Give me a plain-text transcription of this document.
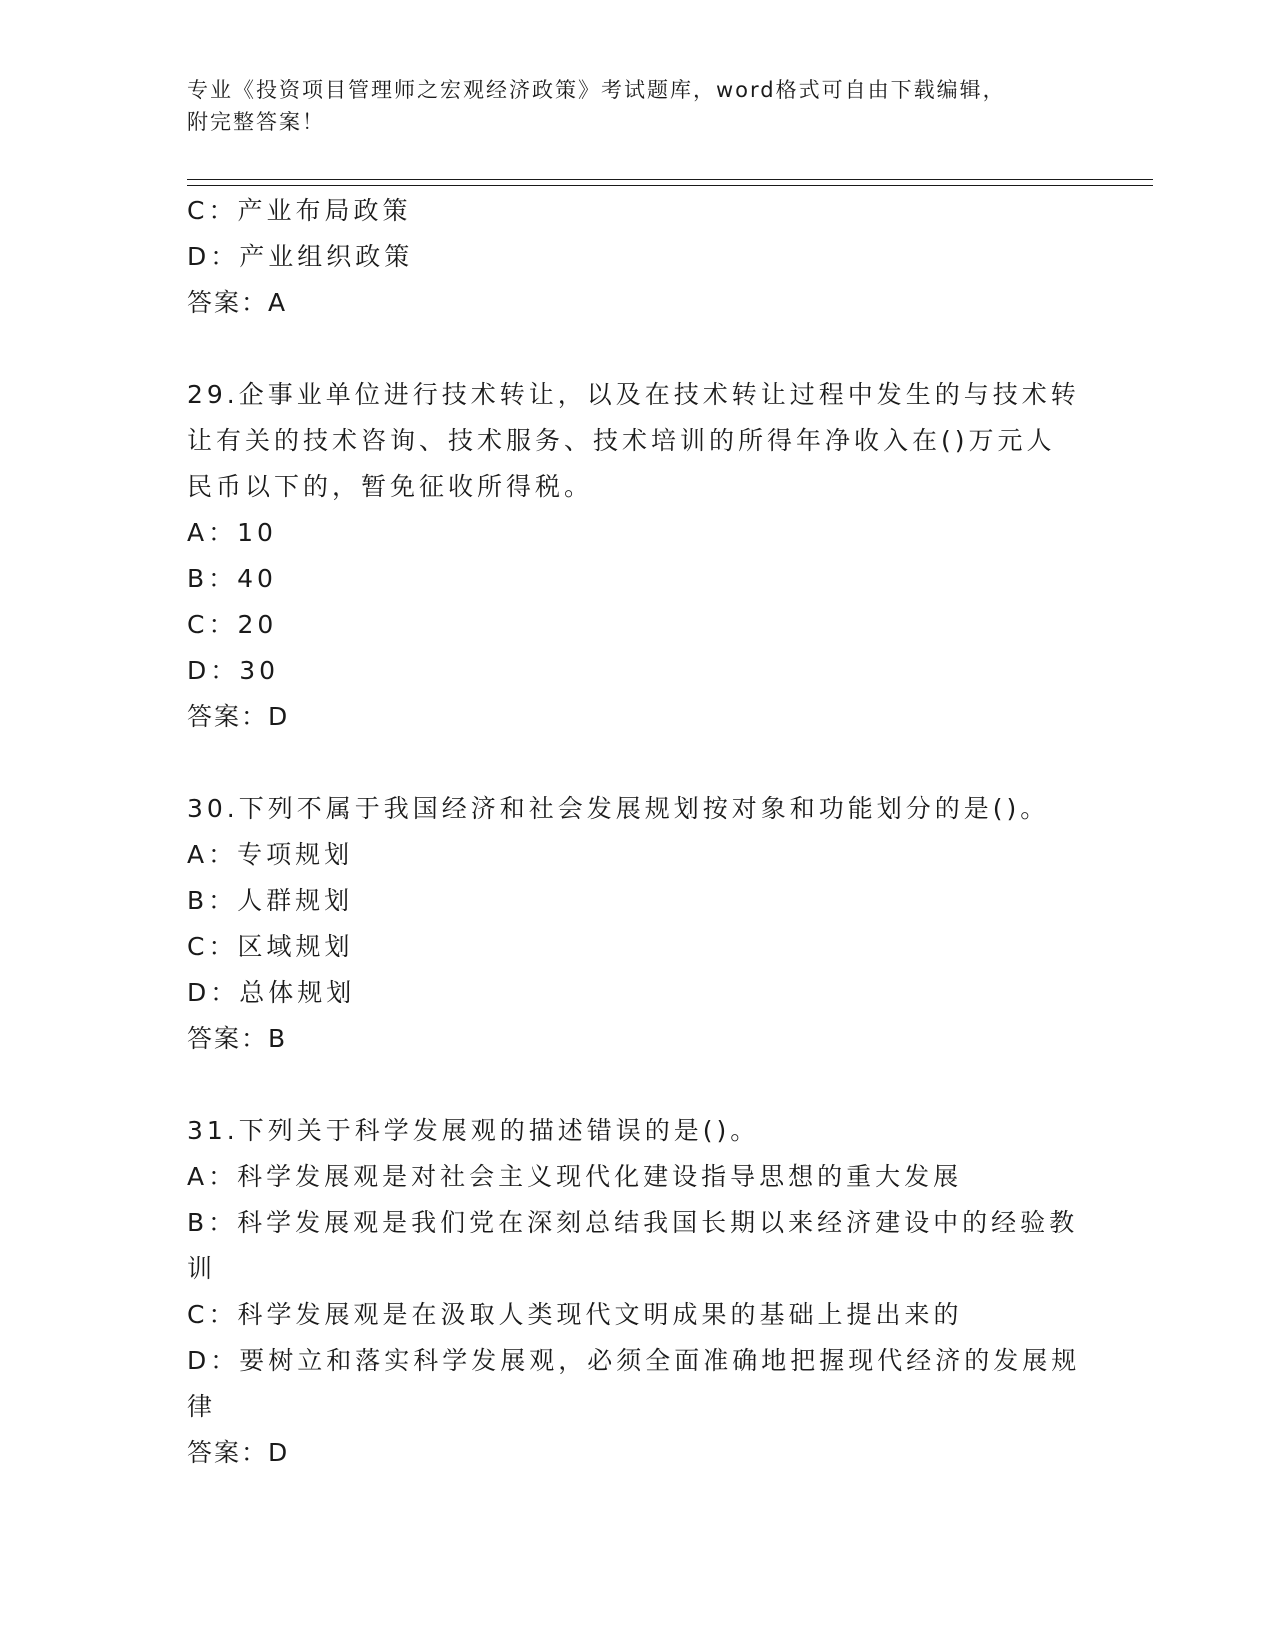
专业《投资项目管理师之宏观经济政策》考试题库，word格式可自由下载编辑，
附完整答案！
C：产业布局政策
D：产业组织政策
答案：A
29.企事业单位进行技术转让，以及在技术转让过程中发生的与技术转
让有关的技术咨询、技术服务、技术培训的所得年净收入在()万元人
民币以下的，暂免征收所得税。
A：10
B：40
C：20
D：30
答案：D
30.下列不属于我国经济和社会发展规划按对象和功能划分的是()。
A：专项规划
B：人群规划
C：区域规划
D：总体规划
答案：B
31.下列关于科学发展观的描述错误的是()。
A：科学发展观是对社会主义现代化建设指导思想的重大发展
B：科学发展观是我们党在深刻总结我国长期以来经济建设中的经验教
训
C：科学发展观是在汲取人类现代文明成果的基础上提出来的
D：要树立和落实科学发展观，必须全面准确地把握现代经济的发展规
律
答案：D
